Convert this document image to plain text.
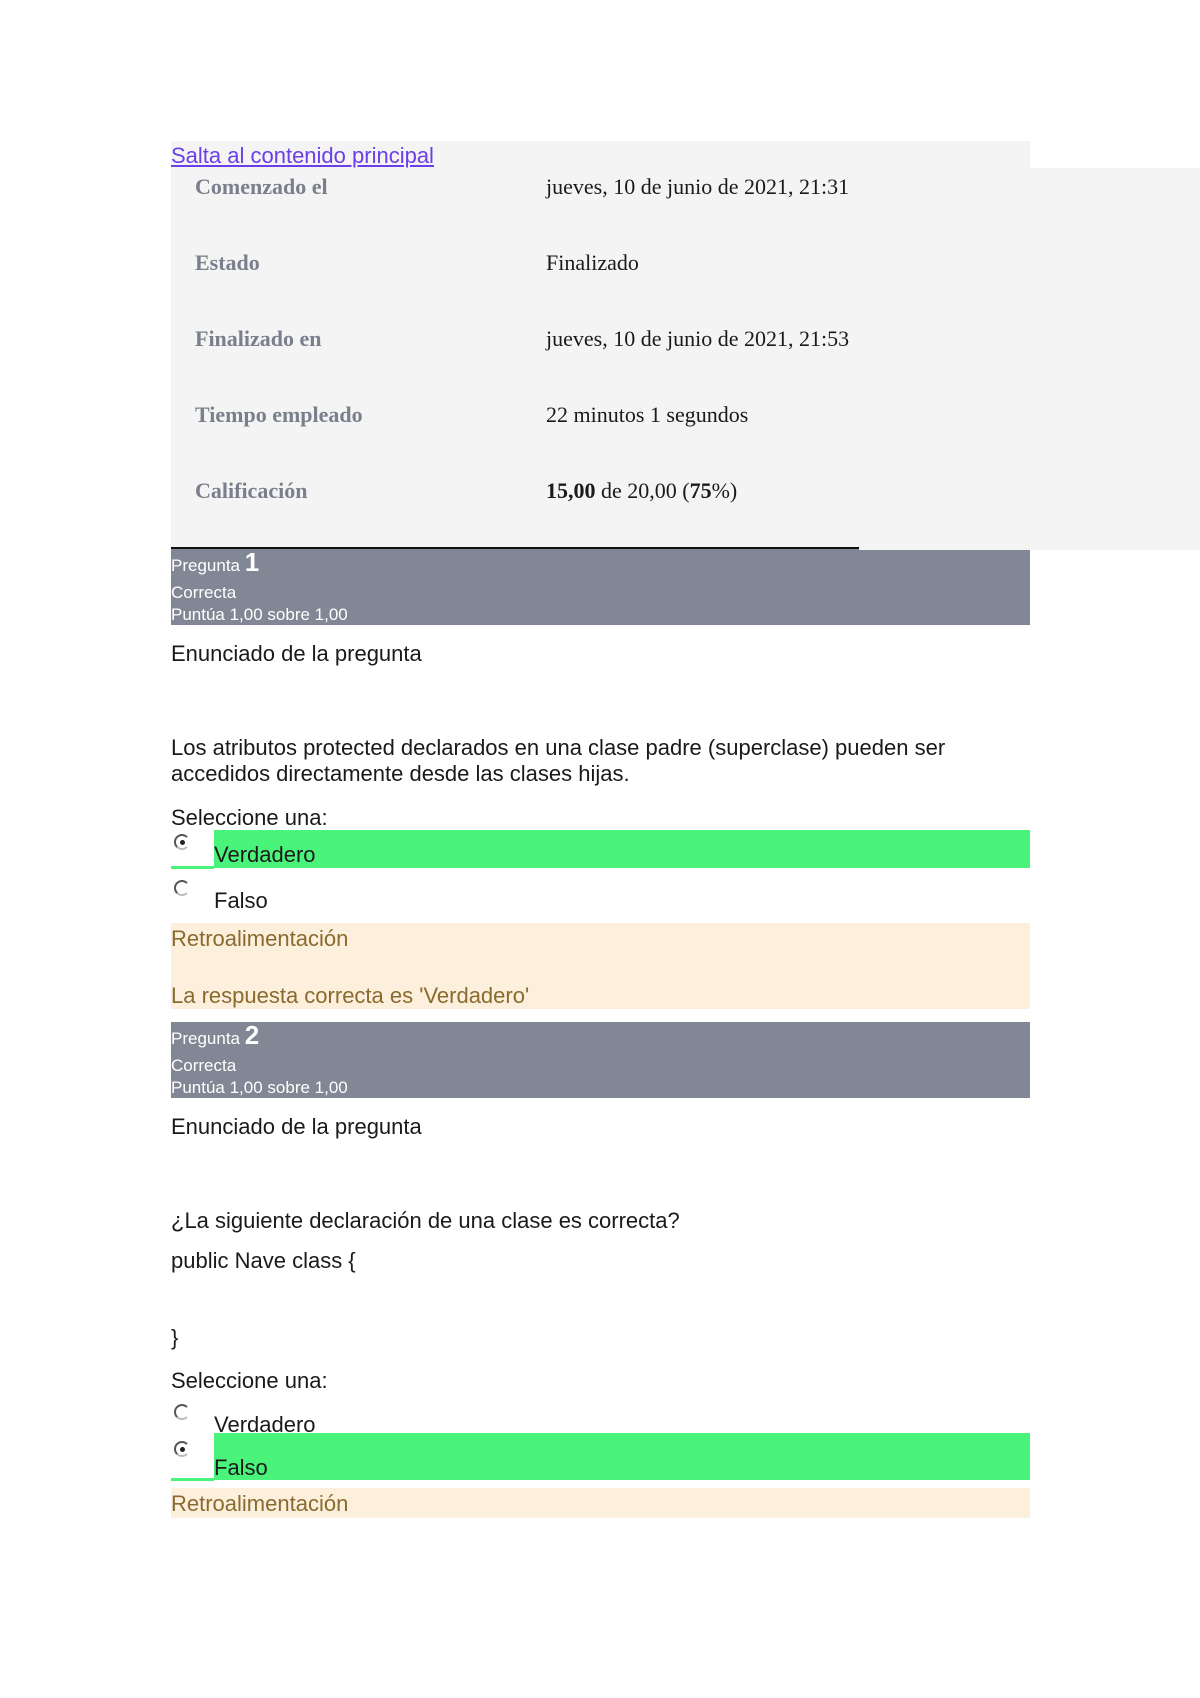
Salta al contenido principal
Comenzado el	jueves, 10 de junio de 2021, 21:31
Estado	Finalizado
Finalizado en	jueves, 10 de junio de 2021, 21:53
Tiempo empleado	22 minutos 1 segundos
Calificación	15,00 de 20,00 (75%)
Pregunta 1
Correcta
Puntúa 1,00 sobre 1,00
Enunciado de la pregunta
Los atributos protected declarados en una clase padre (superclase) pueden ser
accedidos directamente desde las clases hijas.
Seleccione una:
Verdadero
Falso
Retroalimentación
La respuesta correcta es 'Verdadero'
Pregunta 2
Correcta
Puntúa 1,00 sobre 1,00
Enunciado de la pregunta
¿La siguiente declaración de una clase es correcta?
public Nave class {
}
Seleccione una:
Verdadero
Falso
Retroalimentación
